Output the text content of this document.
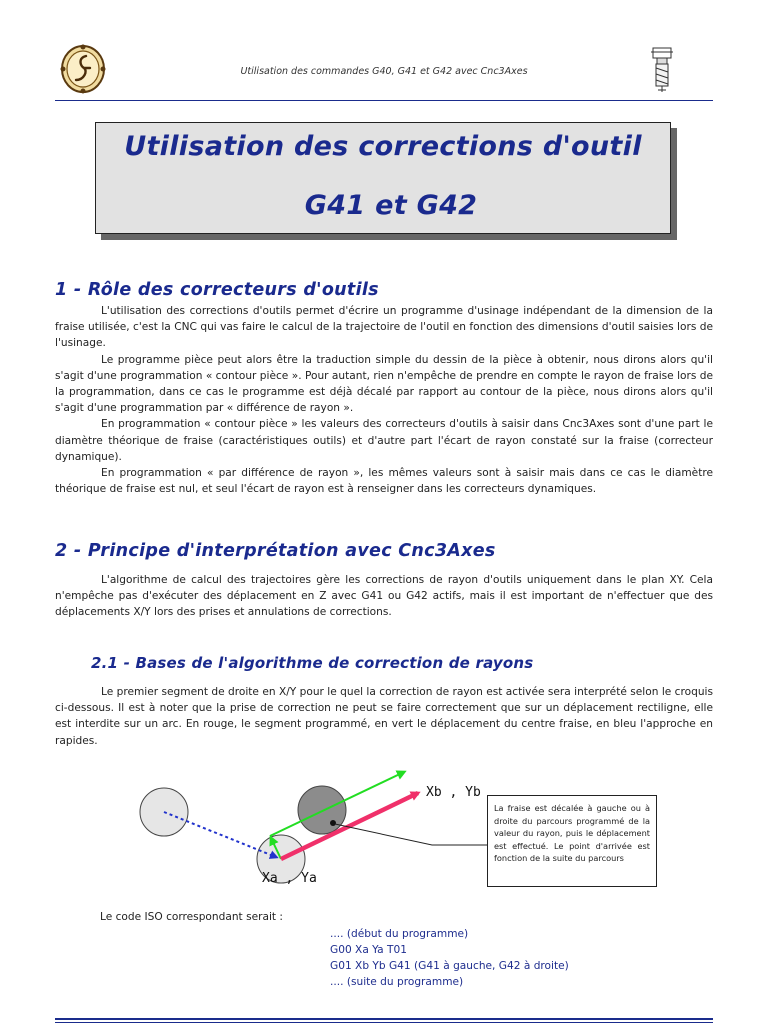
Utilisation des commandes G40, G41 et G42 avec Cnc3Axes
Utilisation des corrections d'outil
G41 et G42
1 - Rôle des correcteurs d'outils

L'utilisation des corrections d'outils permet d'écrire un programme d'usinage indépendant de la dimension de la fraise utilisée, c'est la CNC qui vas faire le calcul de la trajectoire de l'outil en fonction des dimensions d'outil saisies lors de l'usinage.

Le programme pièce peut alors être la traduction simple du dessin de la pièce à obtenir, nous dirons alors qu'il s'agit d'une programmation « contour pièce ». Pour autant, rien n'empêche de prendre en compte le rayon de fraise lors de la programmation, dans ce cas le programme est déjà décalé par rapport au contour de la pièce, nous dirons alors qu'il s'agit d'une programmation par « différence de rayon ».

En programmation « contour pièce » les valeurs des correcteurs d'outils à saisir dans Cnc3Axes sont d'une part le diamètre théorique de fraise (caractéristiques outils) et d'autre part l'écart de rayon constaté sur la fraise (correcteur dynamique).

En programmation « par différence de rayon », les mêmes valeurs sont à saisir mais dans ce cas le diamètre théorique de fraise est nul, et seul l'écart de rayon est à renseigner dans les correcteurs dynamiques.

2 - Principe d'interprétation avec Cnc3Axes

L'algorithme de calcul des trajectoires gère les corrections de rayon d'outils uniquement dans le plan XY. Cela n'empêche pas d'exécuter des déplacement en Z avec G41 ou G42 actifs, mais il est important de n'effectuer que des déplacements X/Y lors des prises et annulations de corrections.

2.1 - Bases de l'algorithme de correction de rayons

Le premier segment de droite en X/Y pour le quel la correction de rayon est activée sera interprété selon le croquis ci-dessous. Il est à noter que la prise de correction ne peut se faire correctement que sur un déplacement rectiligne, elle est interdite sur un arc. En rouge, le segment programmé, en vert le déplacement du centre fraise, en bleu l'approche en rapides.

Xb , Yb
Xa , Ya
La fraise est décalée à gauche ou à droite du parcours programmé de la valeur du rayon, puis le déplacement est effectué. Le point d'arrivée est fonction de la suite du parcours
Le code ISO correspondant serait :
.... (début du programme)
G00 Xa Ya T01
G01 Xb Yb G41 (G41 à gauche, G42 à droite)
.... (suite du programme)
